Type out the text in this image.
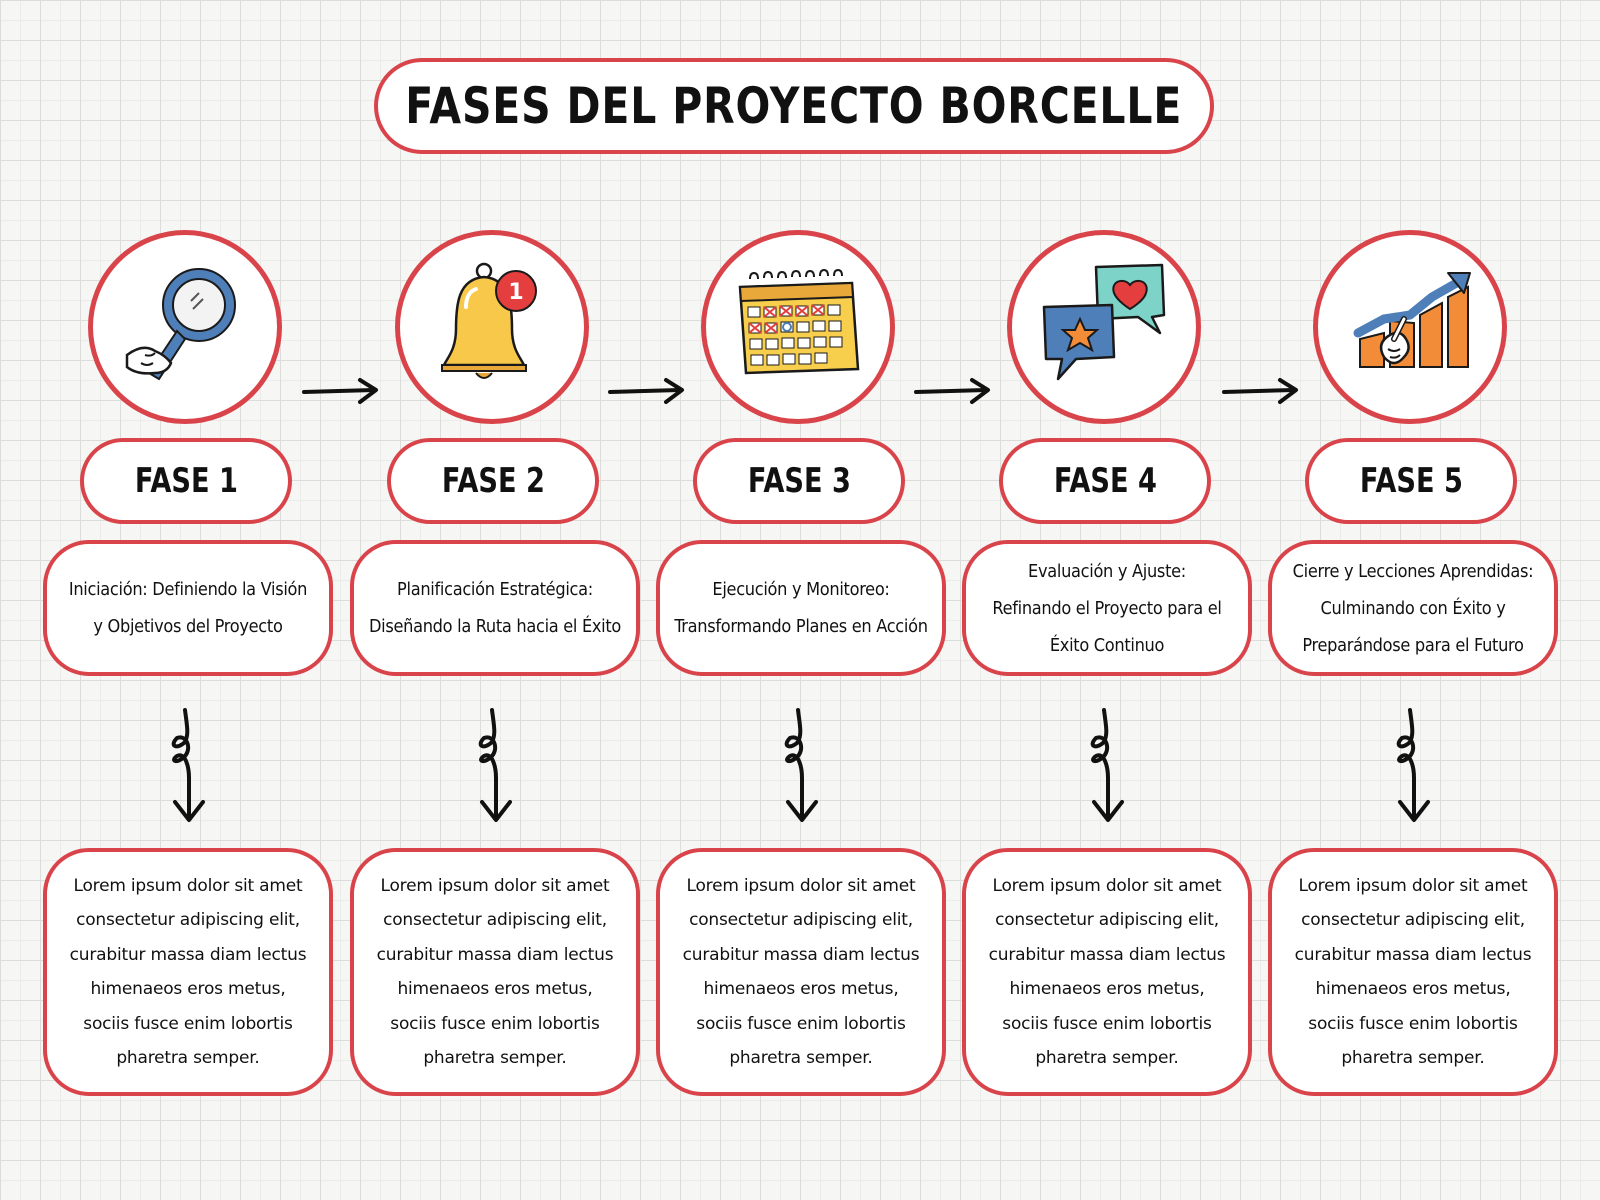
FASES DEL PROYECTO BORCELLE
FASE 1
Iniciación: Definiendo la Visión
y Objetivos del Proyecto
Lorem ipsum dolor sit amet consectetur adipiscing elit, curabitur massa diam lectus himenaeos eros metus, sociis fusce enim lobortis pharetra semper.
1
FASE 2
Planificación Estratégica:
Diseñando la Ruta hacia el Éxito
Lorem ipsum dolor sit amet consectetur adipiscing elit, curabitur massa diam lectus himenaeos eros metus, sociis fusce enim lobortis pharetra semper.
FASE 3
Ejecución y Monitoreo:
Transformando Planes en Acción
Lorem ipsum dolor sit amet consectetur adipiscing elit, curabitur massa diam lectus himenaeos eros metus, sociis fusce enim lobortis pharetra semper.
FASE 4
Evaluación y Ajuste:
Refinando el Proyecto para el
Éxito Continuo
Lorem ipsum dolor sit amet consectetur adipiscing elit, curabitur massa diam lectus himenaeos eros metus, sociis fusce enim lobortis pharetra semper.
FASE 5
Cierre y Lecciones Aprendidas:
Culminando con Éxito y
Preparándose para el Futuro
Lorem ipsum dolor sit amet consectetur adipiscing elit, curabitur massa diam lectus himenaeos eros metus, sociis fusce enim lobortis pharetra semper.
